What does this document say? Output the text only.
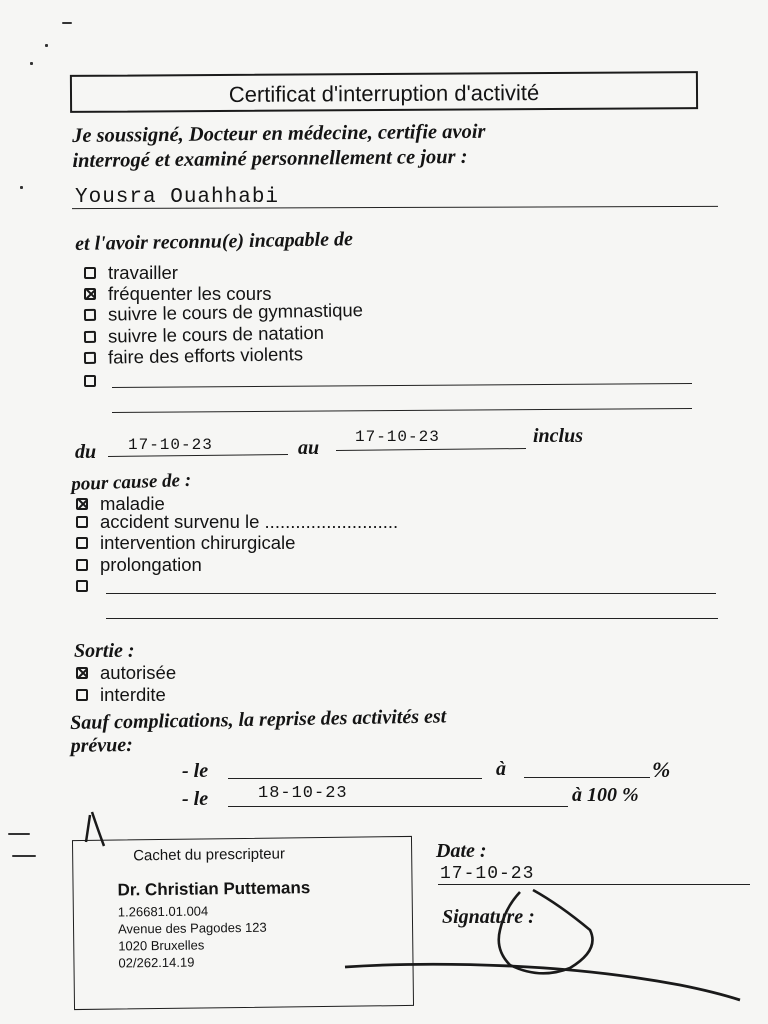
Certificat d'interruption d'activité
Je soussigné, Docteur en médecine, certifie avoir
interrogé et examiné personnellement ce jour :
Yousra Ouahhabi
et l'avoir reconnu(e) incapable de
travailler
fréquenter les cours
suivre le cours de gymnastique
suivre le cours de natation
faire des efforts violents
du 17-10-23	au 17-10-23	inclus
pour cause de :
maladie
accident survenu le ..........................
intervention chirurgicale
prolongation
Sortie :
autorisée
interdite
Sauf complications, la reprise des activités est
prévue:
- le	à	%
- le	18-10-23	à 100 %
Cachet du prescripteur
Dr. Christian Puttemans
1.26681.01.004
Avenue des Pagodes 123
1020 Bruxelles
02/262.14.19
Date :
17-10-23
Signature :
